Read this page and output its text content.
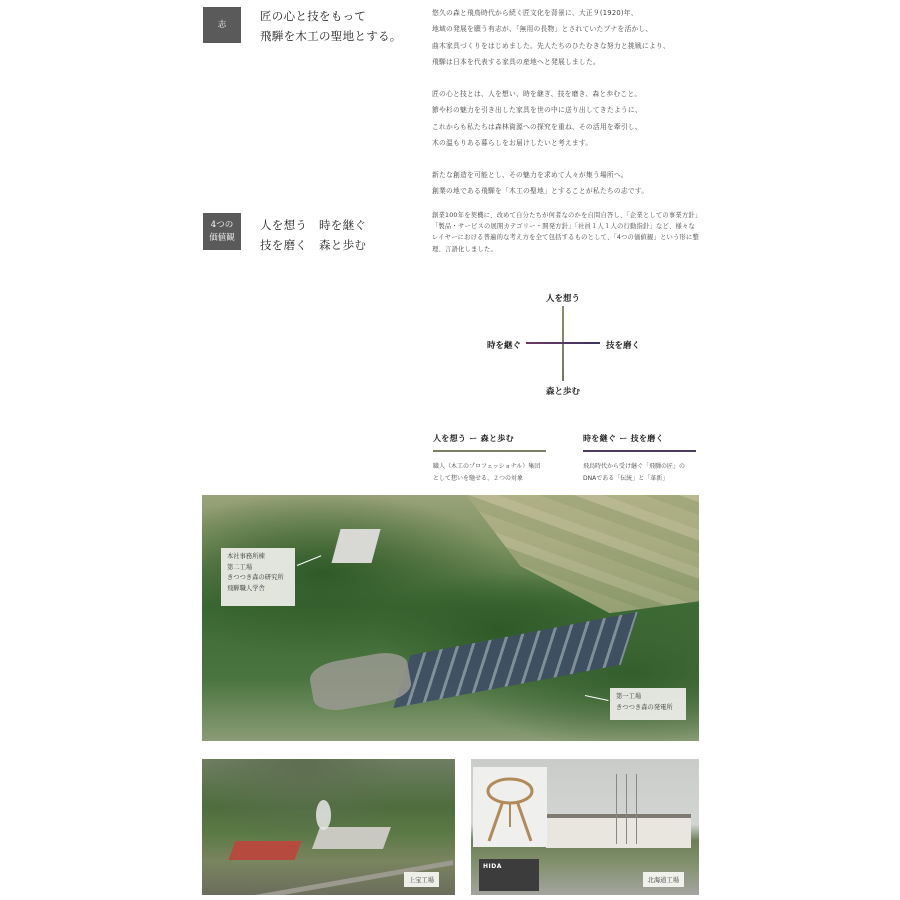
志
匠の心と技をもって
飛騨を木工の聖地とする。
悠久の森と飛鳥時代から続く匠文化を背景に、大正９(1920)年、
地域の発展を願う有志が、「無用の長物」とされていたブナを活かし、
曲木家具づくりをはじめました。先人たちのひたむきな努力と挑戦により、
飛騨は日本を代表する家具の産地へと発展しました。
匠の心と技とは、人を想い、時を継ぎ、技を磨き、森と歩むこと。
節や杉の魅力を引き出した家具を世の中に送り出してきたように、
これからも私たちは森林資源への探究を重ね、その活用を牽引し、
木の温もりある暮らしをお届けしたいと考えます。
新たな創造を可能とし、その魅力を求めて人々が集う場所へ。
創業の地である飛騨を「木工の聖地」とすることが私たちの志です。
4つの
価値観
人を想う　時を継ぐ
技を磨く　森と歩む
創業100年を契機に、改めて自分たちが何者なのかを自問自答し、「企業としての事業方針」「製品・サービスの展開カテゴリー・開発方針」「社員１人１人の行動指針」など、様々なレイヤーにおける普遍的な考え方を全て包括するものとして、「4つの価値観」という形に整理、言語化しました。
人を想う
森と歩む
時を継ぐ	技を磨く
人を想う ー 森と歩む
職人（木工のプロフェッショナル）集団として想いを馳せる、２つの対象
時を継ぐ ー 技を磨く
飛鳥時代から受け継ぐ「飛騨の匠」のDNAである「伝統」と「革新」
本社事務所棟
第二工場
きつつき森の研究所
飛騨職人学舎
第一工場
きつつき森の発電所
上宝工場
HIDA
北海道工場
